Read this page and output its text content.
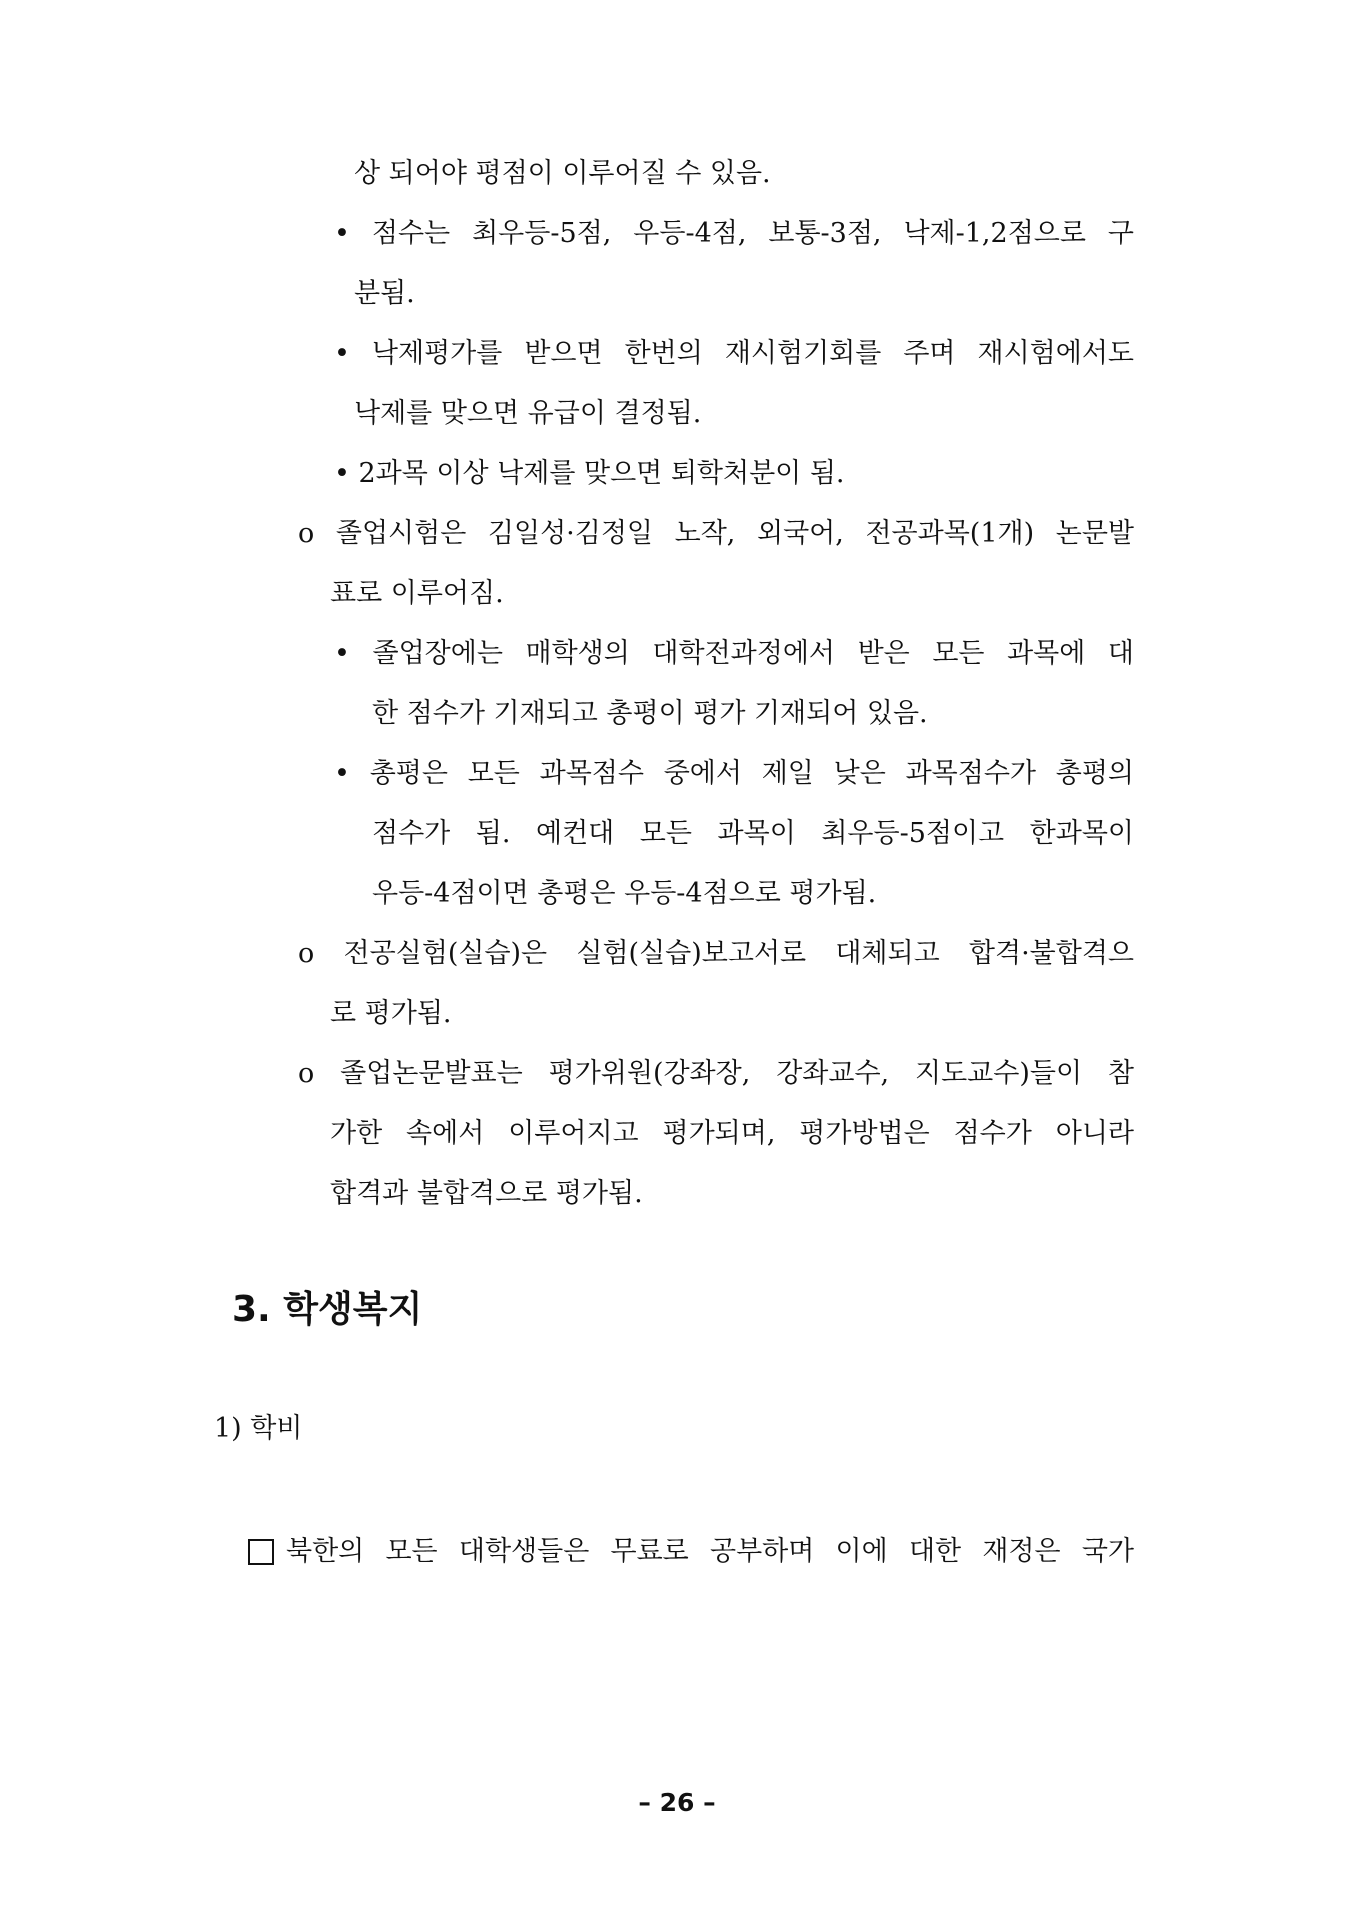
상 되어야 평점이 이루어질 수 있음.
• 점수는 최우등-5점, 우등-4점, 보통-3점, 낙제-1,2점으로 구
분됨.
• 낙제평가를 받으면 한번의 재시험기회를 주며 재시험에서도
낙제를 맞으면 유급이 결정됨.
• 2과목 이상 낙제를 맞으면 퇴학처분이 됨.
o 졸업시험은 김일성·김정일 노작, 외국어, 전공과목(1개) 논문발
표로 이루어짐.
• 졸업장에는 매학생의 대학전과정에서 받은 모든 과목에 대
한 점수가 기재되고 총평이 평가 기재되어 있음.
• 총평은 모든 과목점수 중에서 제일 낮은 과목점수가 총평의
점수가 됨. 예컨대 모든 과목이 최우등-5점이고 한과목이
우등-4점이면 총평은 우등-4점으로 평가됨.
o 전공실험(실습)은 실험(실습)보고서로 대체되고 합격·불합격으
로 평가됨.
o 졸업논문발표는 평가위원(강좌장, 강좌교수, 지도교수)들이 참
가한 속에서 이루어지고 평가되며, 평가방법은 점수가 아니라
합격과 불합격으로 평가됨.
3. 학생복지
1) 학비
북한의 모든 대학생들은 무료로 공부하며 이에 대한 재정은 국가
– 26 –
